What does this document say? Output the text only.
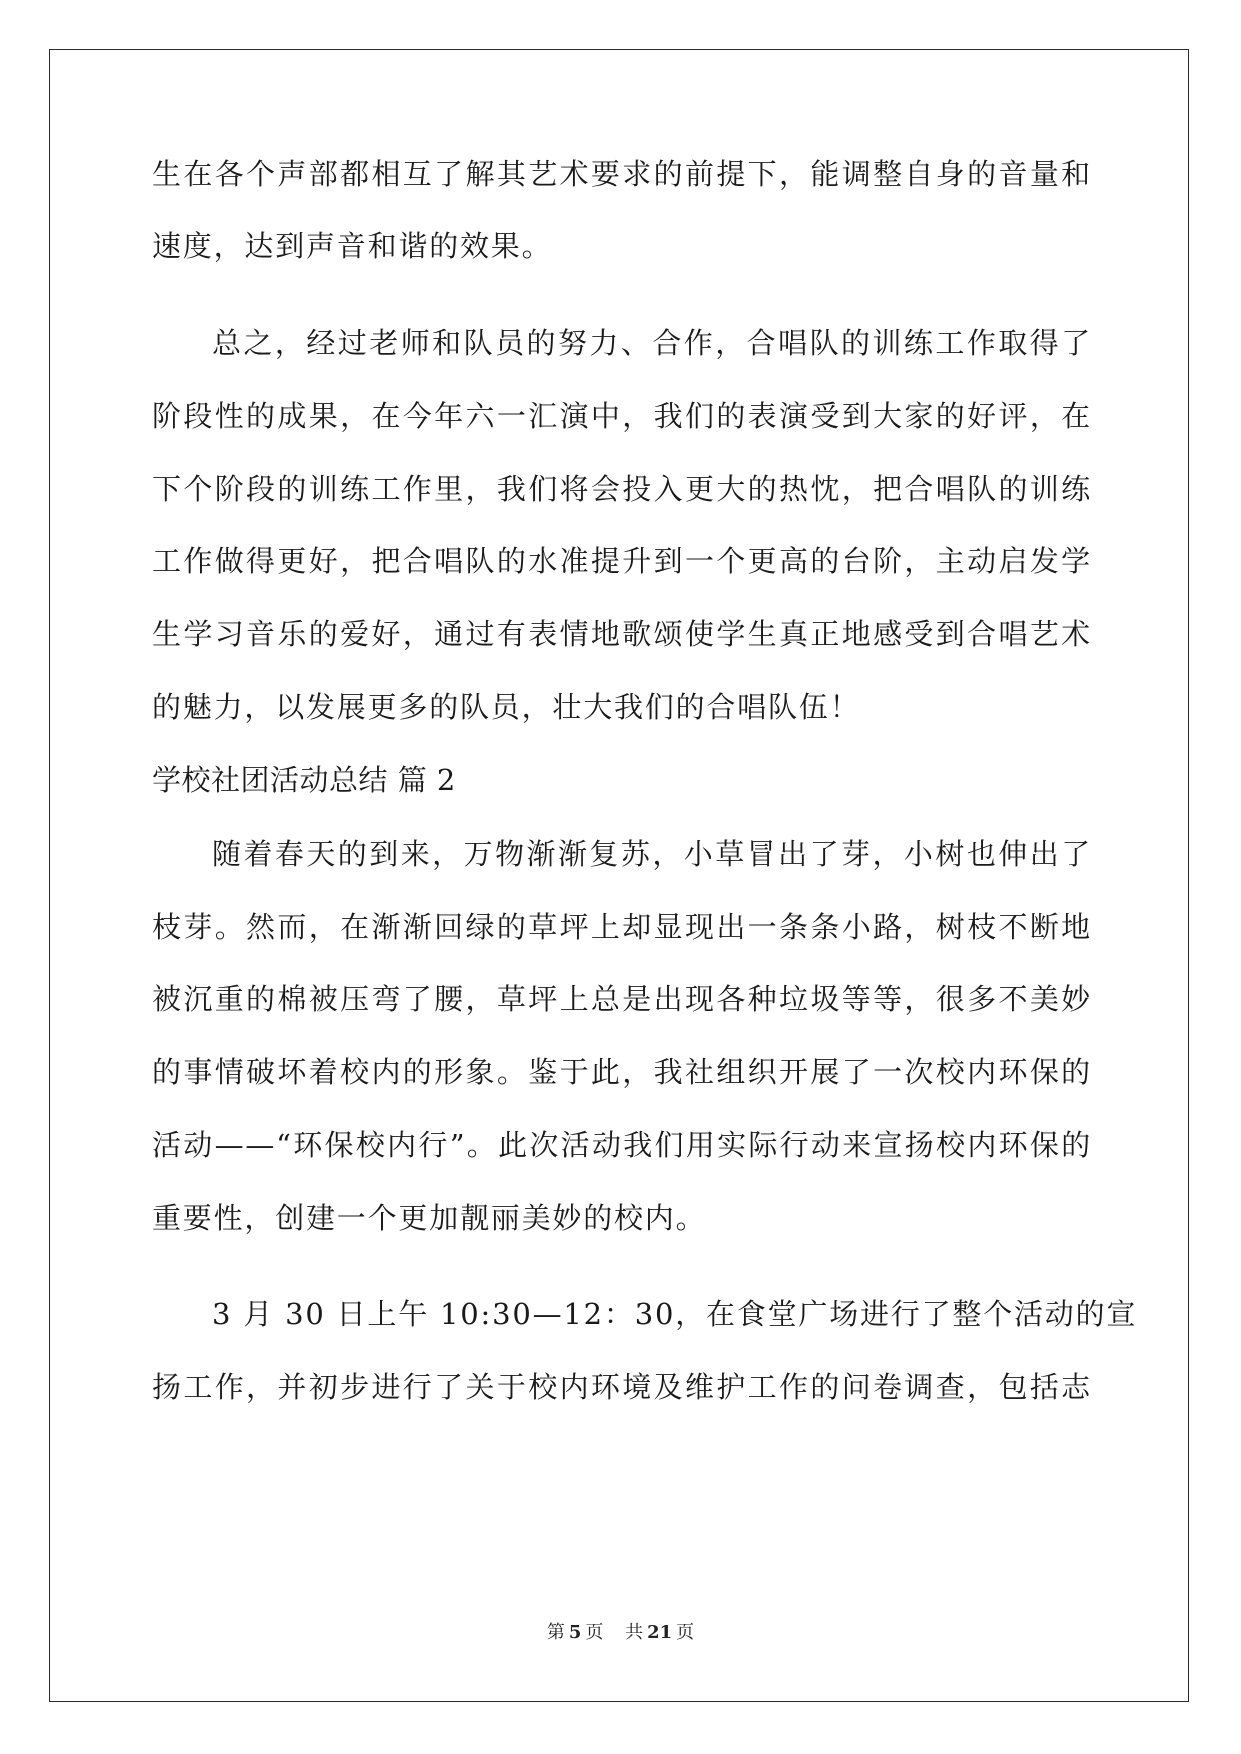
生在各个声部都相互了解其艺术要求的前提下，能调整自身的音量和
速度，达到声音和谐的效果。
总之，经过老师和队员的努力、合作，合唱队的训练工作取得了
阶段性的成果，在今年六一汇演中，我们的表演受到大家的好评，在
下个阶段的训练工作里，我们将会投入更大的热忱，把合唱队的训练
工作做得更好，把合唱队的水准提升到一个更高的台阶，主动启发学
生学习音乐的爱好，通过有表情地歌颂使学生真正地感受到合唱艺术
的魅力，以发展更多的队员，壮大我们的合唱队伍！
学校社团活动总结 篇 2
随着春天的到来，万物渐渐复苏，小草冒出了芽，小树也伸出了
枝芽。然而，在渐渐回绿的草坪上却显现出一条条小路，树枝不断地
被沉重的棉被压弯了腰，草坪上总是出现各种垃圾等等，很多不美妙
的事情破坏着校内的形象。鉴于此，我社组织开展了一次校内环保的
活动——“环保校内行”。此次活动我们用实际行动来宣扬校内环保的
重要性，创建一个更加靓丽美妙的校内。
3 月 30 日上午 10:30—12：30，在食堂广场进行了整个活动的宣
扬工作，并初步进行了关于校内环境及维护工作的问卷调查，包括志
第 5 页 共 21 页
